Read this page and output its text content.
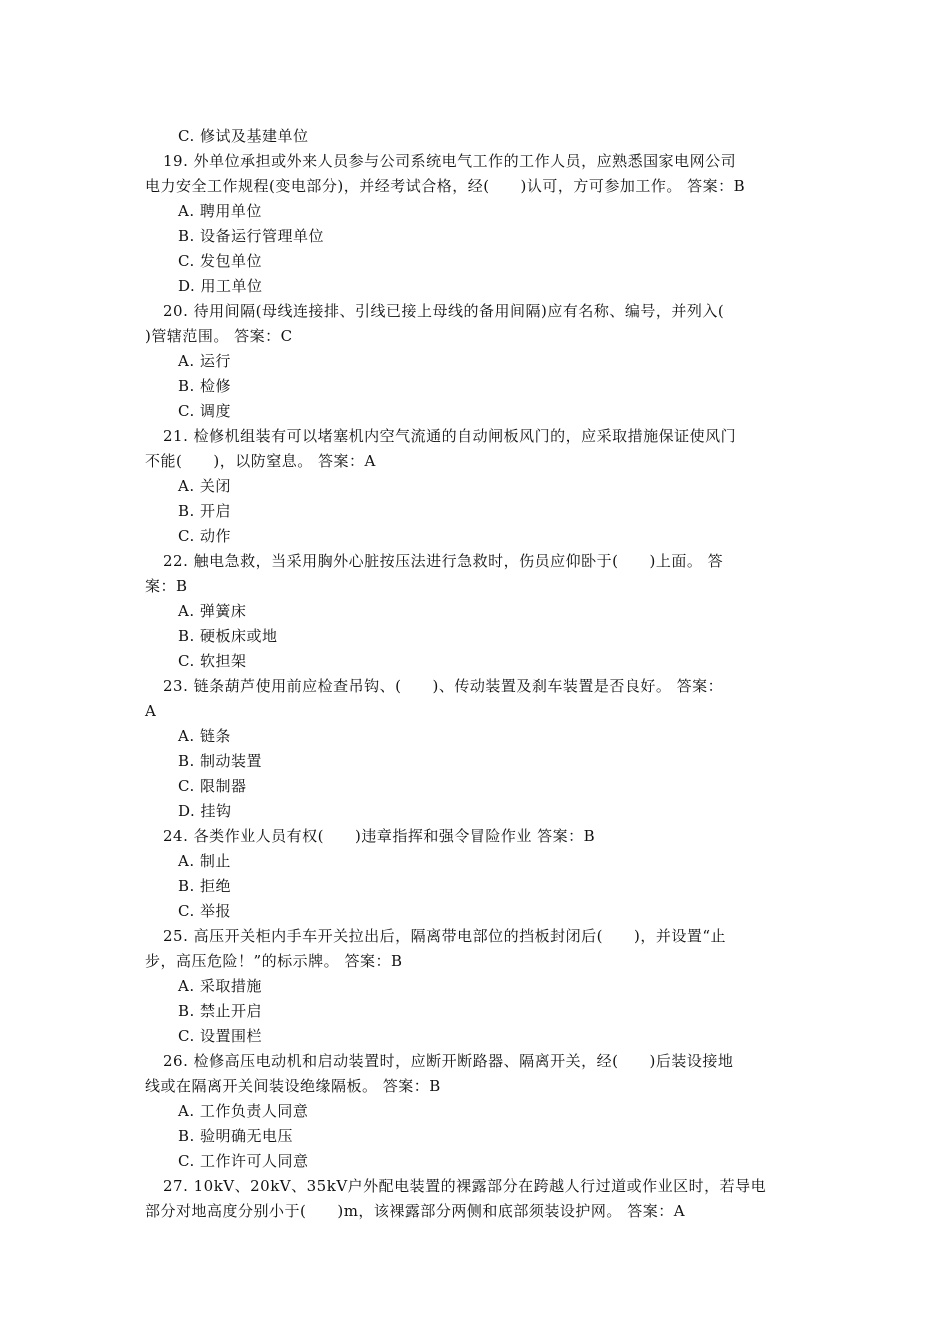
C. 修试及基建单位
19. 外单位承担或外来人员参与公司系统电气工作的工作人员，应熟悉国家电网公司
电力安全工作规程(变电部分)，并经考试合格，经(　　)认可，方可参加工作。 答案：B
A. 聘用单位
B. 设备运行管理单位
C. 发包单位
D. 用工单位
20. 待用间隔(母线连接排、引线已接上母线的备用间隔)应有名称、编号，并列入(
)管辖范围。 答案：C
A. 运行
B. 检修
C. 调度
21. 检修机组装有可以堵塞机内空气流通的自动闸板风门的，应采取措施保证使风门
不能(　　)，以防窒息。 答案：A
A. 关闭
B. 开启
C. 动作
22. 触电急救，当采用胸外心脏按压法进行急救时，伤员应仰卧于(　　)上面。 答
案：B
A. 弹簧床
B. 硬板床或地
C. 软担架
23. 链条葫芦使用前应检查吊钩、(　　)、传动装置及刹车装置是否良好。 答案：
A
A. 链条
B. 制动装置
C. 限制器
D. 挂钩
24. 各类作业人员有权(　　)违章指挥和强令冒险作业 答案：B
A. 制止
B. 拒绝
C. 举报
25. 高压开关柜内手车开关拉出后，隔离带电部位的挡板封闭后(　　)，并设置“止
步，高压危险！”的标示牌。 答案：B
A. 采取措施
B. 禁止开启
C. 设置围栏
26. 检修高压电动机和启动装置时，应断开断路器、隔离开关，经(　　)后装设接地
线或在隔离开关间装设绝缘隔板。 答案：B
A. 工作负责人同意
B. 验明确无电压
C. 工作许可人同意
27. 10kV、20kV、35kV户外配电装置的裸露部分在跨越人行过道或作业区时，若导电
部分对地高度分别小于(　　)m，该裸露部分两侧和底部须装设护网。 答案：A
